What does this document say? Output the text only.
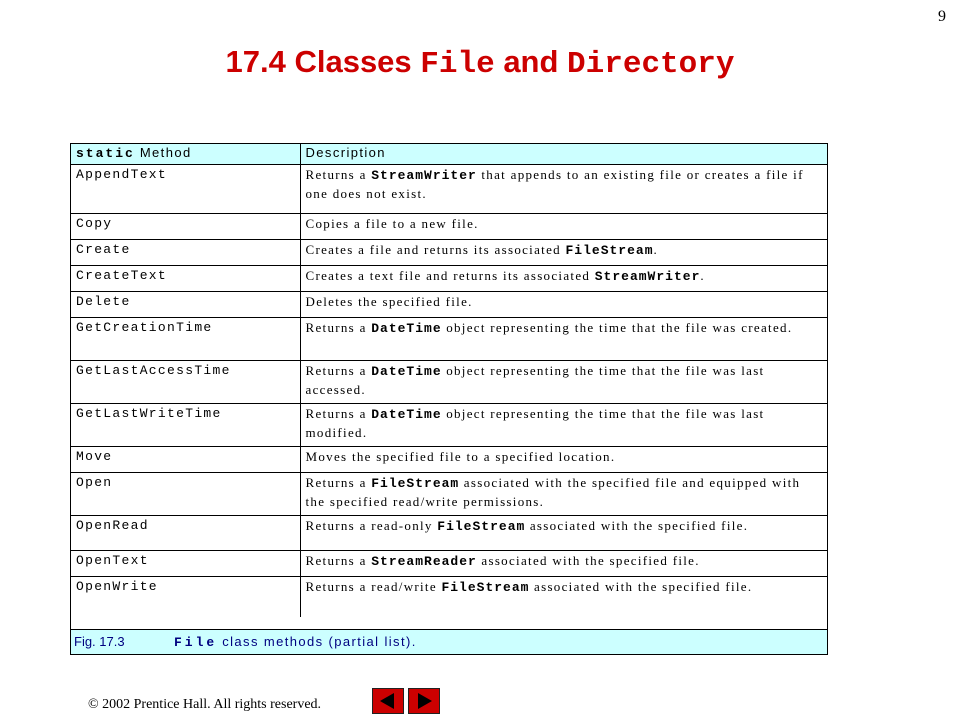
9
17.4 Classes File and Directory
static Method	Description
AppendText	Returns a StreamWriter that appends to an existing file or creates a file if one does not exist.
Copy	Copies a file to a new file.
Create	Creates a file and returns its associated FileStream.
CreateText	Creates a text file and returns its associated StreamWriter.
Delete	Deletes the specified file.
GetCreationTime	Returns a DateTime object representing the time that the file was created.
GetLastAccessTime	Returns a DateTime object representing the time that the file was last accessed.
GetLastWriteTime	Returns a DateTime object representing the time that the file was last modified.
Move	Moves the specified file to a specified location.
Open	Returns a FileStream associated with the specified file and equipped with the specified read/write permissions.
OpenRead	Returns a read-only FileStream associated with the specified file.
OpenText	Returns a StreamReader associated with the specified file.
OpenWrite	Returns a read/write FileStream associated with the specified file.
Fig. 17.3	File class methods (partial list).
© 2002 Prentice Hall. All rights reserved.
